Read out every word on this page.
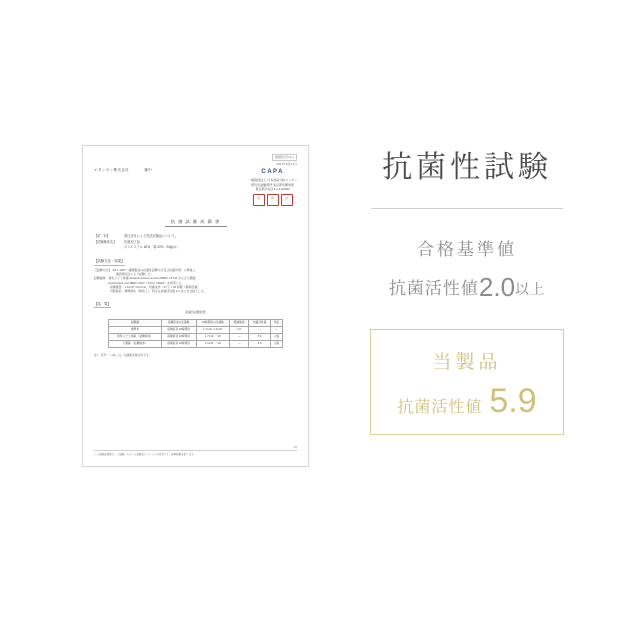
試験報告書 No.1
2017年6月21日
エタンゼン株式会社	御中	CAPA
一般財団法人 日本食品分析センター
研究所試験部門 東京研究開発部
東京都渋谷区1-1-1-00000
印	印	印
抗 菌 試 験 成 績 書
【試　料】	貴社送付による受託試験品について。
【試験検体名】	抗菌加工品
ポリエステル 60%、綿 20%（50g/㎡）
【試験方法・結果】
【試験方法】 JIS L 1902（繊維製品の抗菌性試験方法及び抗菌効果）に準拠し、
菌液吸収法により試験した。
試験菌株：黄色ぶどう球菌 Staphylococcus aureus NBRC 12732 および大腸菌
　　　　　Escherichia coli NBRC 3972（ATCC 25922）を使用した。
接種菌量：1.8×10⁵ CFU/mL、培養条件：37℃ × 18 時間（静置培養）
対照試料：標準綿布（無加工）、判定は抗菌活性値 2.0 以上を合格とした。
【結　果】
抗菌性試験結果
試験菌	接種直後の生菌数	18時間後の生菌数	増減値差	抗菌活性値	判定
標準布	接種直後 18時間後	1.7×10⁴ 1.4×10⁶	2.0	—	—
黄色ぶどう球菌 （試験検体）	接種直後 18時間後	1.7×10⁴ ＜20	—	5.9	合格
大腸菌 （試験検体）	接種直後 18時間後	1.5×10⁴ ＜20	—	5.9	合格
注）　記号「＜20」は、生菌数未検出を示す。
1/1
この試験成績書は、ご依頼いただいた試験品についてのみ有効です。無断転載を禁じます。
抗菌性試験
合格基準値
抗菌活性値2.0以上
当製品
抗菌活性値 5.9
